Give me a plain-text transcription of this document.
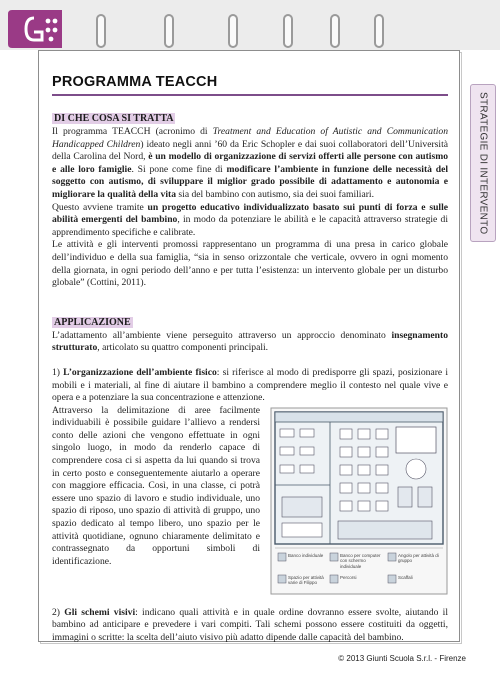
STRATEGIE DI INTERVENTO
PROGRAMMA TEACCH
DI CHE COSA SI TRATTA
Il programma TEACCH (acronimo di Treatment and Education of Autistic and Communication Handicapped Children) ideato negli anni ’60 da Eric Schopler e dai suoi collaboratori dell’Università della Carolina del Nord, è un modello di organizzazione di servizi offerti alle persone con autismo e alle loro famiglie. Si pone come fine di modificare l’ambiente in funzione delle necessità del soggetto con autismo, di sviluppare il miglior grado possibile di adattamento e autonomia e migliorare la qualità della vita sia del bambino con autismo, sia dei suoi familiari.
Questo avviene tramite un progetto educativo individualizzato basato sui punti di forza e sulle abilità emergenti del bambino, in modo da potenziare le abilità e le capacità attraverso strategie di apprendimento specifiche e calibrate.
Le attività e gli interventi promossi rappresentano un programma di una presa in carico globale dell’individuo e della sua famiglia, “sia in senso orizzontale che verticale, ovvero in ogni momento della giornata, in ogni periodo dell’anno e per tutta l’esistenza: un intervento globale per un disturbo globale” (Cottini, 2011).
APPLICAZIONE
L’adattamento all’ambiente viene perseguito attraverso un approccio denominato insegnamento strutturato, articolato su quattro componenti principali.
1) L’organizzazione dell’ambiente fisico: si riferisce al modo di predisporre gli spazi, posizionare i mobili e i materiali, al fine di aiutare il bambino a comprendere meglio il contesto nel quale vive e opera e a potenziare la sua concentrazione e attenzione.
Attraverso la delimitazione di aree facilmente individuabili è possibile guidare l’allievo a rendersi conto delle azioni che vengono effettuate in ogni singolo luogo, in modo da renderlo capace di comprendere cosa ci si aspetta da lui quando si trova in certo posto e conseguentemente aiutarlo a operare con maggiore efficacia. Così, in una classe, ci potrà essere uno spazio di lavoro e studio individuale, uno spazio di riposo, uno spazio di attività di gruppo, uno spazio dedicato al tempo libero, uno spazio per le attività quotidiane, ognuno chiaramente delimitato e contrassegnato da opportuni simboli di identificazione.
Banco individuale	Banco per computer con schermo individuale
Angolo per attività di gruppo
Spazio per attività varie di Filippo
Percorsi	Scaffali
2) Gli schemi visivi: indicano quali attività e in quale ordine dovranno essere svolte, aiutando il bambino ad anticipare e prevedere i vari compiti. Tali schemi possono essere costituiti da oggetti, immagini o scritte: la scelta dell’aiuto visivo più adatto dipende dalle capacità del bambino.
© 2013 Giunti Scuola S.r.l. - Firenze
